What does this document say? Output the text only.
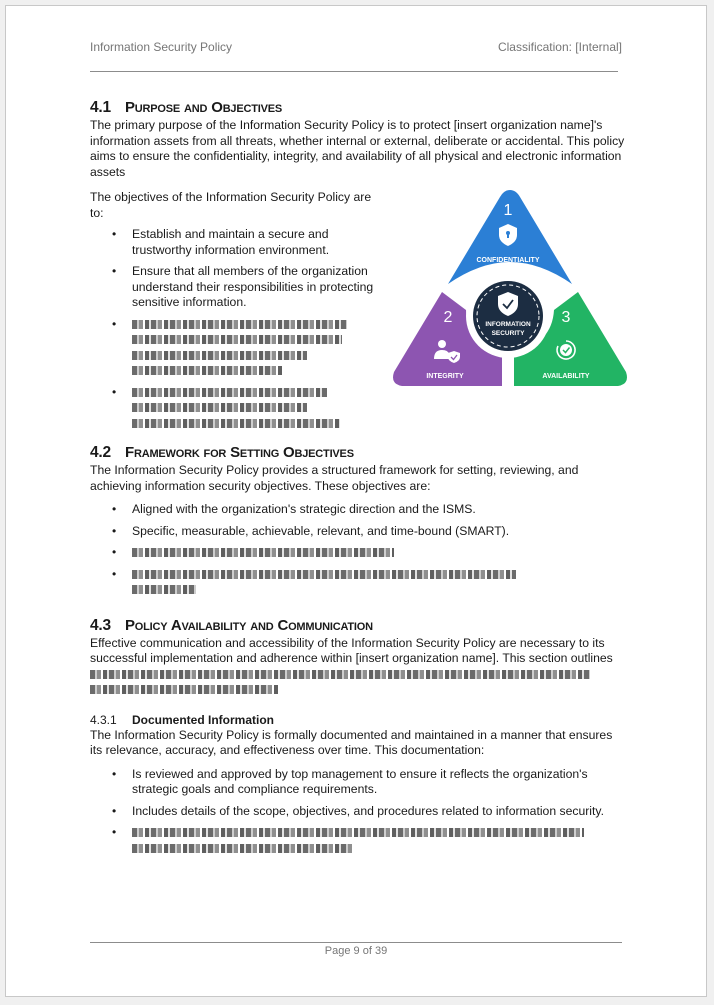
Information Security Policy	Classification: [Internal]
4.1 Purpose and Objectives

The primary purpose of the Information Security Policy is to protect [insert organization name]'s information assets from all threats, whether internal or external, deliberate or accidental. This policy aims to ensure the confidentiality, integrity, and availability of all physical and electronic information assets

The objectives of the Information Security Policy are to:

• Establish and maintain a secure and trustworthy information environment.
• Ensure that all members of the organization understand their responsibilities in protecting sensitive information.
•

•

INFORMATION
SECURITY
1
CONFIDENTIALITY
2
INTEGRITY
3
AVAILABILITY
4.2 Framework for Setting Objectives

The Information Security Policy provides a structured framework for setting, reviewing, and achieving information security objectives. These objectives are:

• Aligned with the organization's strategic direction and the ISMS.
• Specific, measurable, achievable, relevant, and time-bound (SMART).
•
•

4.3 Policy Availability and Communication

Effective communication and accessibility of the Information Security Policy are necessary to its successful implementation and adherence within [insert organization name]. This section outlines

4.3.1 Documented Information

The Information Security Policy is formally documented and maintained in a manner that ensures its relevance, accuracy, and effectiveness over time. This documentation:

• Is reviewed and approved by top management to ensure it reflects the organization's strategic goals and compliance requirements.
• Includes details of the scope, objectives, and procedures related to information security.
•

Page 9 of 39
